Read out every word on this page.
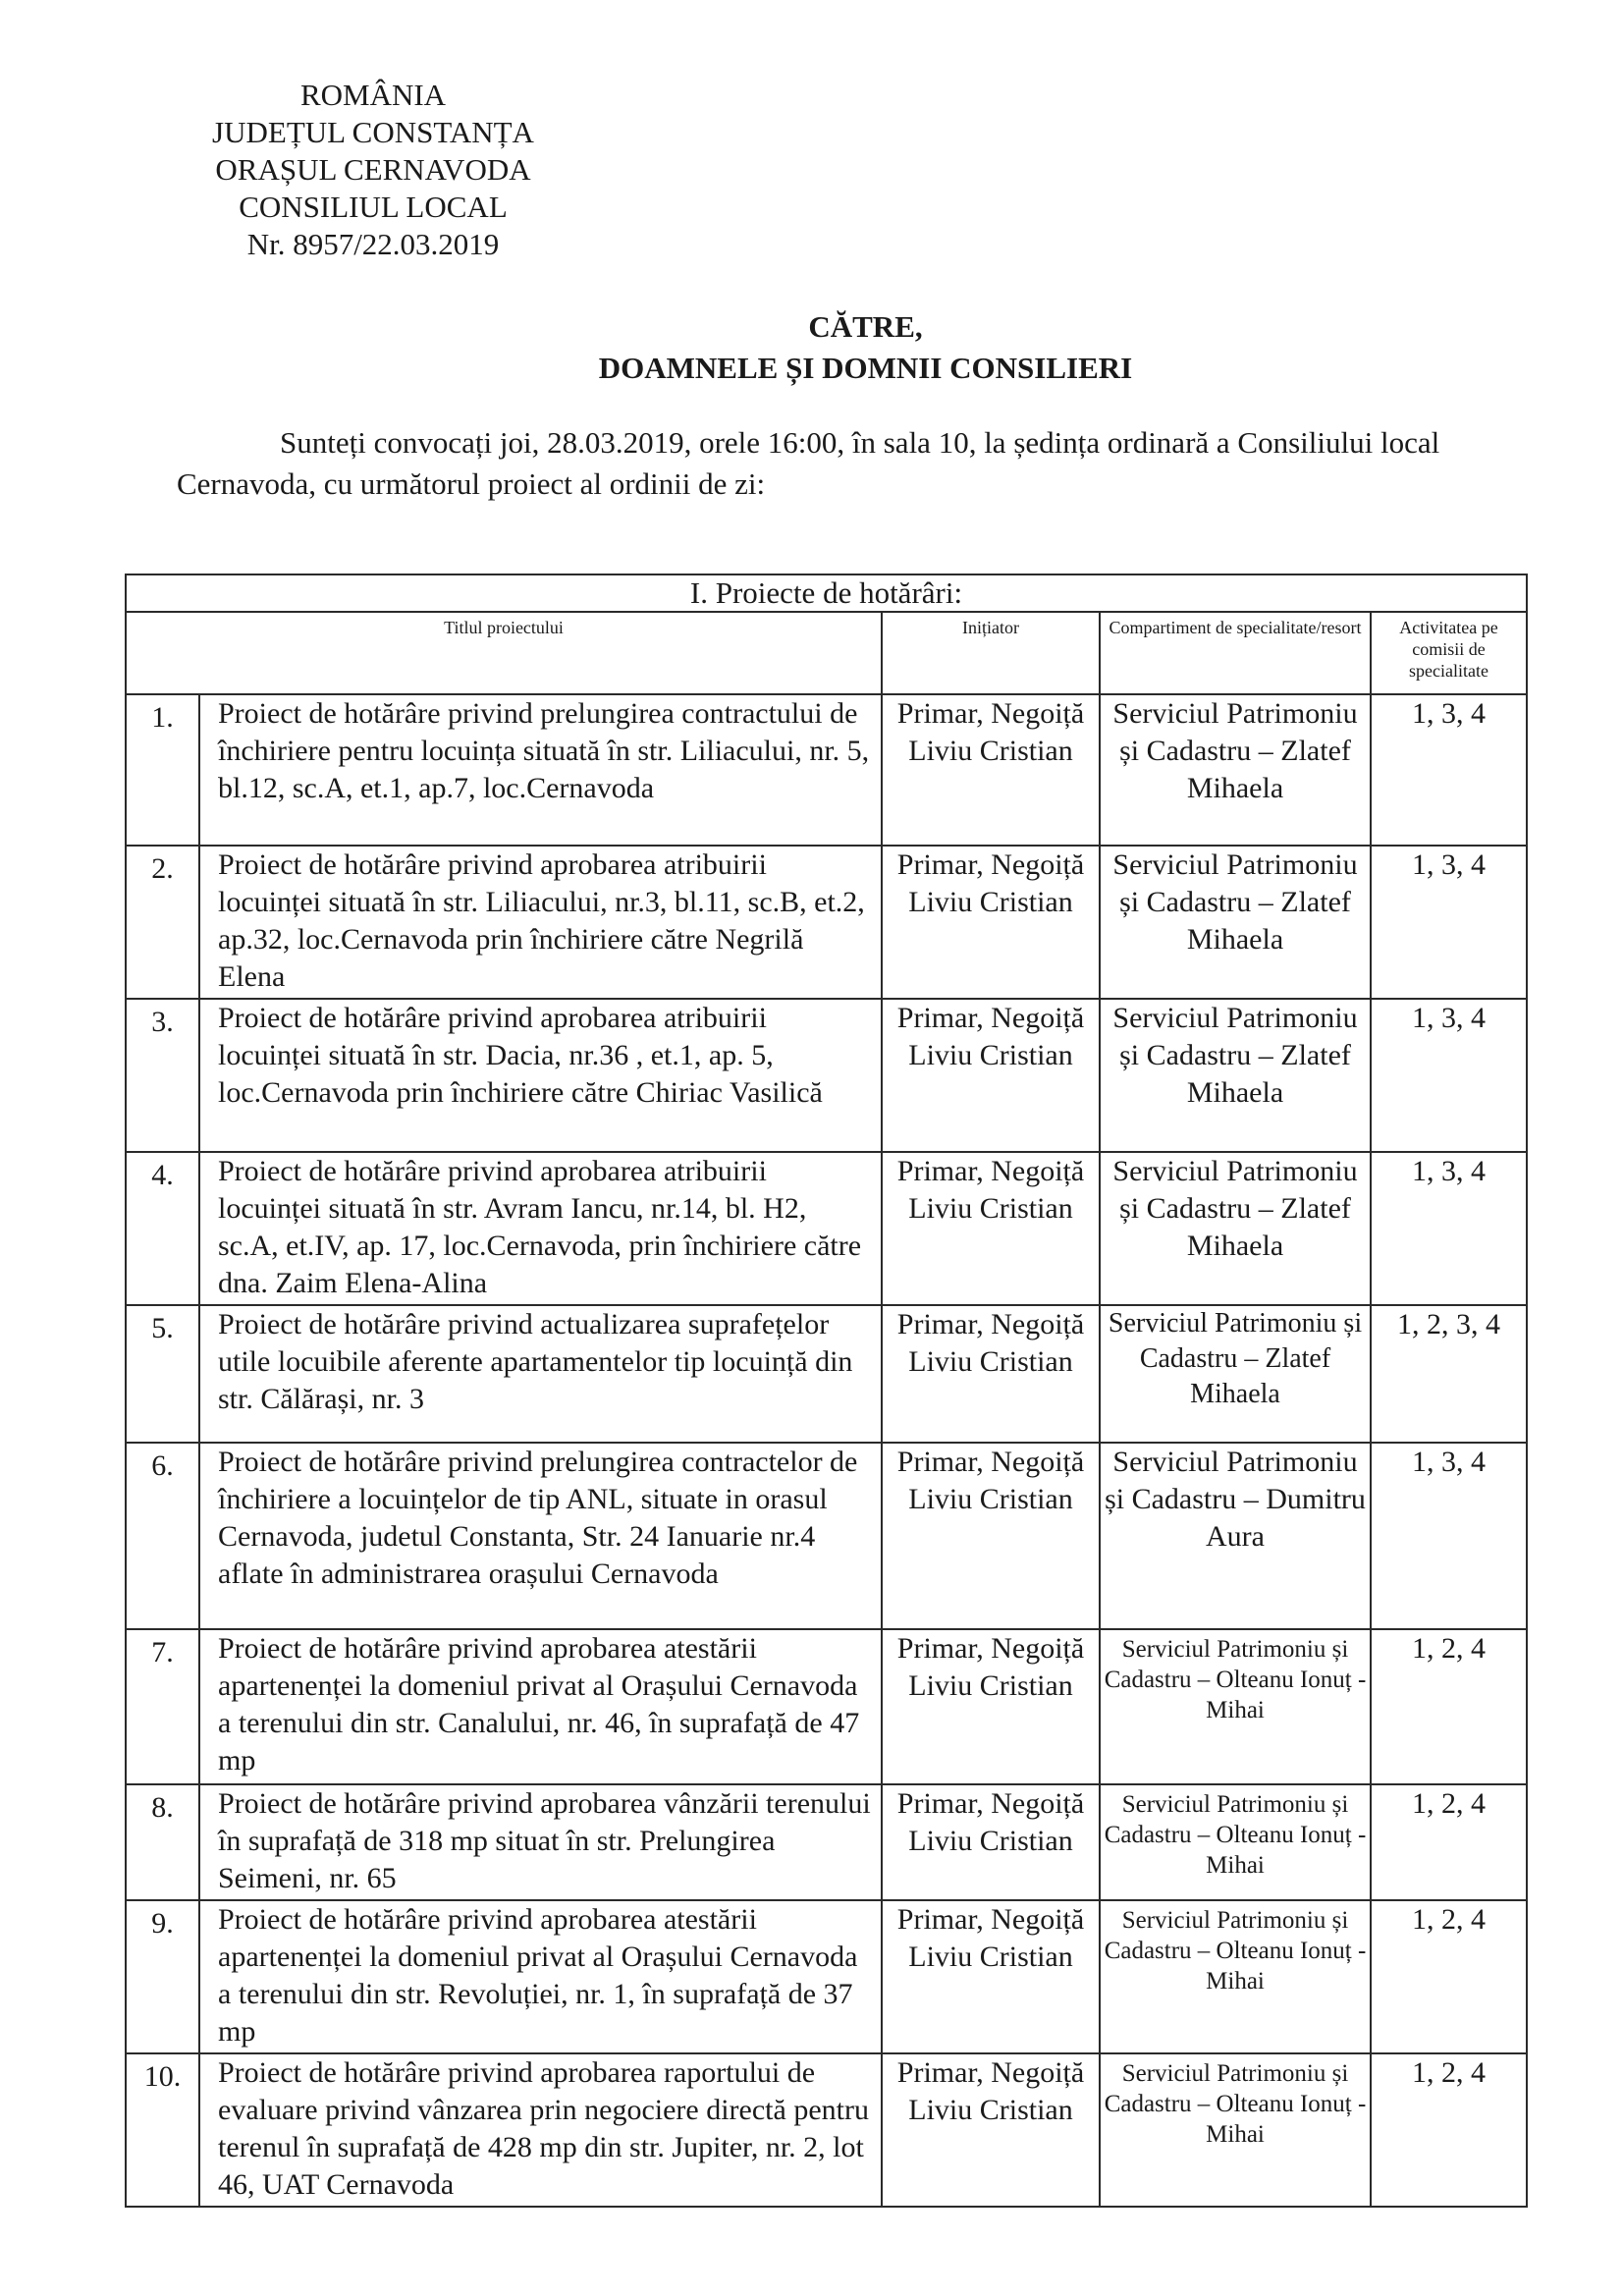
ROMÂNIA
JUDEȚUL CONSTANȚA
ORAȘUL CERNAVODA
CONSILIUL LOCAL
Nr. 8957/22.03.2019
CĂTRE,
DOAMNELE ȘI DOMNII CONSILIERI
Sunteți convocați joi, 28.03.2019, orele 16:00, în sala 10, la ședința ordinară a Consiliului local
Cernavoda, cu următorul proiect al ordinii de zi:
I. Proiecte de hotărâri:				
Titlul proiectului		Inițiator	Compartiment de specialitate/resort	Activitatea pe comisii de specialitate
1.	Proiect de hotărâre privind prelungirea contractului de închiriere pentru locuința situată în str. Liliacului, nr. 5, bl.12, sc.A, et.1, ap.7, loc.Cernavoda	Primar, Negoiță Liviu Cristian	Serviciul Patrimoniu și Cadastru – Zlatef Mihaela	1, 3, 4
2.	Proiect de hotărâre privind aprobarea atribuirii locuinței situată în str. Liliacului, nr.3, bl.11, sc.B, et.2, ap.32, loc.Cernavoda prin închiriere către Negrilă Elena	Primar, Negoiță Liviu Cristian	Serviciul Patrimoniu și Cadastru – Zlatef Mihaela	1, 3, 4
3.	Proiect de hotărâre privind aprobarea atribuirii locuinței situată în str. Dacia, nr.36 , et.1, ap. 5, loc.Cernavoda prin închiriere către Chiriac Vasilică	Primar, Negoiță Liviu Cristian	Serviciul Patrimoniu și Cadastru – Zlatef Mihaela	1, 3, 4
4.	Proiect de hotărâre privind aprobarea atribuirii locuinței situată în str. Avram Iancu, nr.14, bl. H2, sc.A, et.IV, ap. 17, loc.Cernavoda, prin închiriere către dna. Zaim Elena-Alina	Primar, Negoiță Liviu Cristian	Serviciul Patrimoniu și Cadastru – Zlatef Mihaela	1, 3, 4
5.	Proiect de hotărâre privind actualizarea suprafețelor utile locuibile aferente apartamentelor tip locuință din str. Călărași, nr. 3	Primar, Negoiță Liviu Cristian	Serviciul Patrimoniu și Cadastru – Zlatef Mihaela	1, 2, 3, 4
6.	Proiect de hotărâre privind prelungirea contractelor de închiriere a locuințelor de tip ANL, situate in orasul Cernavoda, judetul Constanta, Str. 24 Ianuarie nr.4 aflate în administrarea orașului Cernavoda	Primar, Negoiță Liviu Cristian	Serviciul Patrimoniu și Cadastru – Dumitru Aura	1, 3, 4
7.	Proiect de hotărâre privind aprobarea atestării apartenenței la domeniul privat al Orașului Cernavoda a terenului din str. Canalului, nr. 46, în suprafață de 47 mp	Primar, Negoiță Liviu Cristian	Serviciul Patrimoniu și Cadastru – Olteanu Ionuț - Mihai	1, 2, 4
8.	Proiect de hotărâre privind aprobarea vânzării terenului în suprafață de 318 mp situat în str. Prelungirea Seimeni, nr. 65	Primar, Negoiță Liviu Cristian	Serviciul Patrimoniu și Cadastru – Olteanu Ionuț - Mihai	1, 2, 4
9.	Proiect de hotărâre privind aprobarea atestării apartenenței la domeniul privat al Orașului Cernavoda a terenului din str. Revoluției, nr. 1, în suprafață de 37 mp	Primar, Negoiță Liviu Cristian	Serviciul Patrimoniu și Cadastru – Olteanu Ionuț - Mihai	1, 2, 4
10.	Proiect de hotărâre privind aprobarea raportului de evaluare privind vânzarea prin negociere directă pentru terenul în suprafață de 428 mp din str. Jupiter, nr. 2, lot 46, UAT Cernavoda	Primar, Negoiță Liviu Cristian	Serviciul Patrimoniu și Cadastru – Olteanu Ionuț - Mihai	1, 2, 4
